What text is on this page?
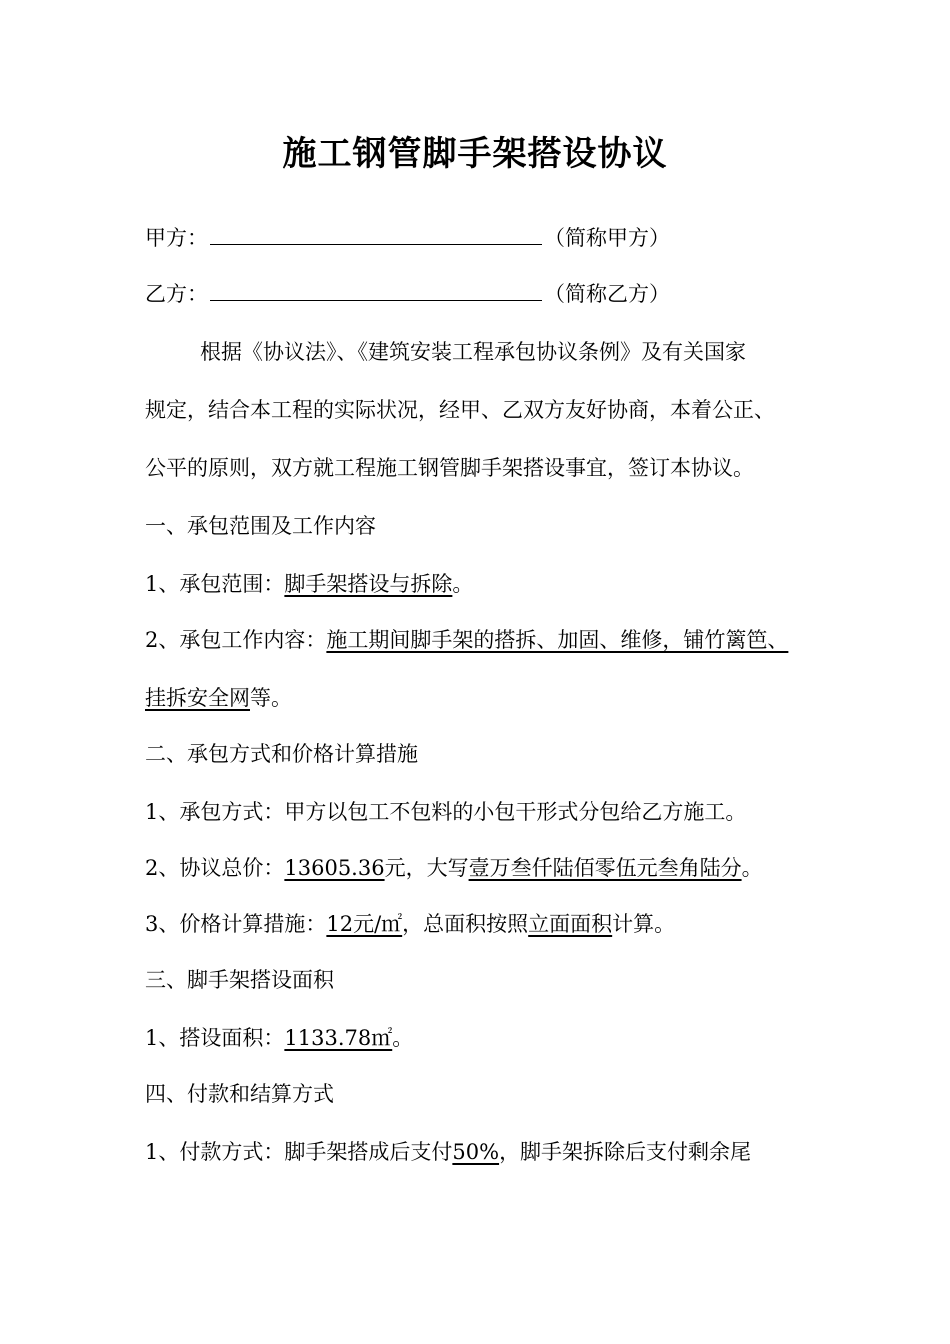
施工钢管脚手架搭设协议
甲方：	（简称甲方）
乙方：	（简称乙方）
根据《协议法》、《建筑安装工程承包协议条例》及有关国家
规定，结合本工程的实际状况，经甲、乙双方友好协商，本着公正、
公平的原则，双方就工程施工钢管脚手架搭设事宜，签订本协议。
一、承包范围及工作内容
1、承包范围：脚手架搭设与拆除。
2、承包工作内容：施工期间脚手架的搭拆、加固、维修，铺竹篱笆、
挂拆安全网等。
二、承包方式和价格计算措施
1、承包方式：甲方以包工不包料的小包干形式分包给乙方施工。
2、协议总价：13605.36元，大写壹万叁仟陆佰零伍元叁角陆分。
3、价格计算措施：12元/㎡，总面积按照立面面积计算。
三、脚手架搭设面积
1、搭设面积：1133.78㎡。
四、付款和结算方式
1、付款方式：脚手架搭成后支付50%，脚手架拆除后支付剩余尾
